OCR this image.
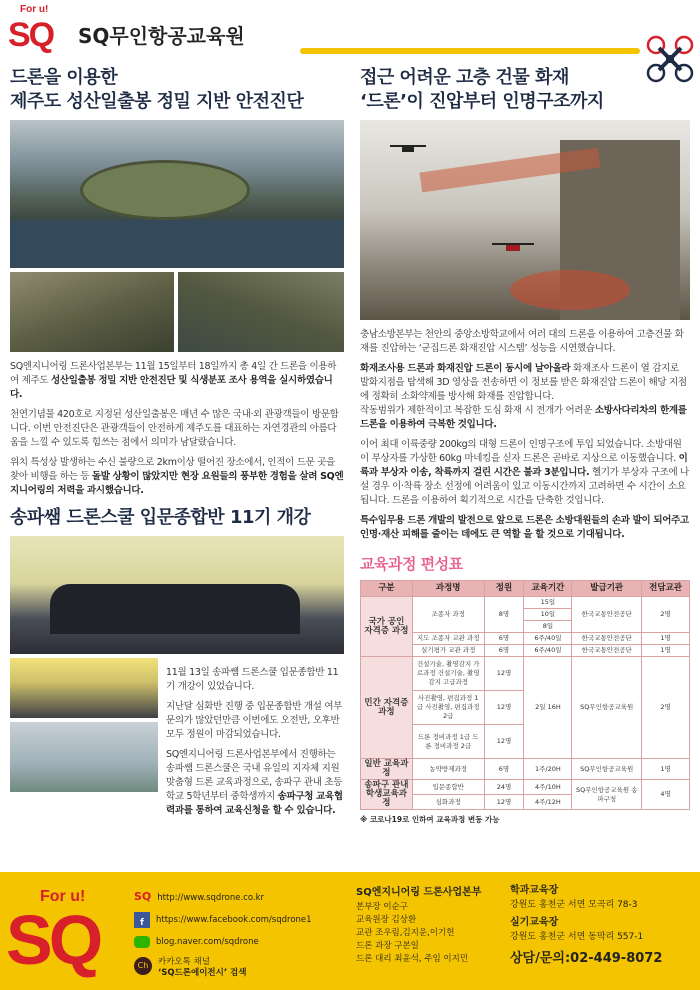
For u!
SQ SQ무인항공교육원
드론을 이용한
제주도 성산일출봉 정밀 지반 안전진단

SQ엔지니어링 드론사업본부는 11월 15일부터 18일까지 총 4일 간 드론을 이용하여 제주도 성산일출봉 정밀 지반 안전진단 및 식생분포 조사 용역을 실시하였습니다.

천연기념물 420호로 지정된 성산일출봉은 매년 수 많은 국내·외 관광객들이 방문합니다. 이번 안전진단은 관광객들이 안전하게 제주도를 대표하는 자연경관의 아름다움을 느낄 수 있도록 힘쓰는 점에서 의미가 남달랐습니다.

위치 특성상 발생하는 수신 불량으로 2km이상 떨어진 장소에서, 인적이 드문 곳을 찾아 비행을 하는 등 돌발 상황이 많았지만 현장 요원들의 풍부한 경험을 살려 SQ엔지니어링의 저력을 과시했습니다.

송파쌤 드론스쿨 입문종합반 11기 개강

11월 13일 송파쌤 드론스쿨 입문종합반 11기 개강이 있었습니다.

지난달 심화반 진행 중 입문종합반 개설 여부 문의가 많았던만큼 이번에도 오전반, 오후반 모두 정원이 마감되었습니다.

SQ엔지니어링 드론사업본부에서 진행하는 송파쌤 드론스쿨은 국내 유일의 지자체 지원 맞춤형 드론 교육과정으로, 송파구 관내 초등학교 5학년부터 중학생까지 송파구청 교육협력과를 통하여 교육신청을 할 수 있습니다.

접근 어려운 고층 건물 화재
‘드론’이 진압부터 인명구조까지

충남소방본부는 천안의 중앙소방학교에서 여러 대의 드론을 이용하여 고층건물 화재를 진압하는 ‘군집드론 화재진압 시스템’ 성능을 시연했습니다.

화재조사용 드론과 화재진압 드론이 동시에 날아올라 화재조사 드론이 열 감지로 발화지점을 탐색해 3D 영상을 전송하면 이 정보를 받은 화재진압 드론이 해당 지점에 정확히 소화약제를 방사해 화재를 진압합니다.

작동범위가 제한적이고 복잡한 도심 화재 시 전개가 어려운 소방사다리차의 한계를 드론을 이용하여 극복한 것입니다.

이어 최대 이륙중량 200kg의 대형 드론이 인명구조에 투입 되었습니다. 소방대원이 부상자를 가상한 60kg 마네킹을 싣자 드론은 곧바로 지상으로 이동했습니다. 이륙과 부상자 이송, 착륙까지 걸린 시간은 불과 3분입니다. 헬기가 부상자 구조에 나설 경우 이·착륙 장소 선정에 어려움이 있고 이동시간까지 고려하면 수 시간이 소요됩니다. 드론을 이용하여 획기적으로 시간을 단축한 것입니다.

특수임무용 드론 개발의 발전으로 앞으로 드론은 소방대원들의 손과 발이 되어주고 인명·재산 피해를 줄이는 데에도 큰 역할 을 할 것으로 기대됩니다.

교육과정 편성표
구분	과정명	정원	교육기간	발급기관	전담교관
국가 공인 자격증 과정	조종자 과정	8명	15일	한국교통안전공단	2명
			10일		
			8일		
	지도 조종자 교관 과정	6명	6주/40일	한국교통안전공단	1명
	실기평가 교관 과정	6명	6주/40일	한국교통안전공단	1명
민간 자격증 과정	건설기술, 촬영감지 가로과정 건설기술, 촬영감지 고급과정	12명	2일 16H	SQ무인항공교육원	2명
	사진촬영, 편집과정 1급 사진촬영, 편집과정 2급	12명			
	드론 정비과정 1급 드론 정비과정 2급	12명			
일반 교육과정	농약방제과정	6명	1주/20H	SQ무인항공교육원	1명
송파구 관내 학생교육과정	입문종합반	24명	4주/10H	SQ무인항공교육원 송파구청	4명
	심화과정	12명	4주/12H		

※ 코로나19로 인하여 교육과정 변동 가능

For u!
SQ
SQ http://www.sqdrone.co.kr
f https://www.facebook.com/sqdrone1
blog.naver.com/sqdrone
Ch	카카오톡 채널
‘SQ드론에이전시’ 검색
SQ엔지니어링 드론사업본부
본부장 이순구
교육원장 김상환
교관 조우림,김지운,이기헌
드론 과장 구본일
드론 대리 최윤석, 주임 이지민
학과교육장
강원도 홍천군 서면 모곡리 78-3
실기교육장
강원도 홍천군 서면 동막리 557-1
상담/문의:02-449-8072
